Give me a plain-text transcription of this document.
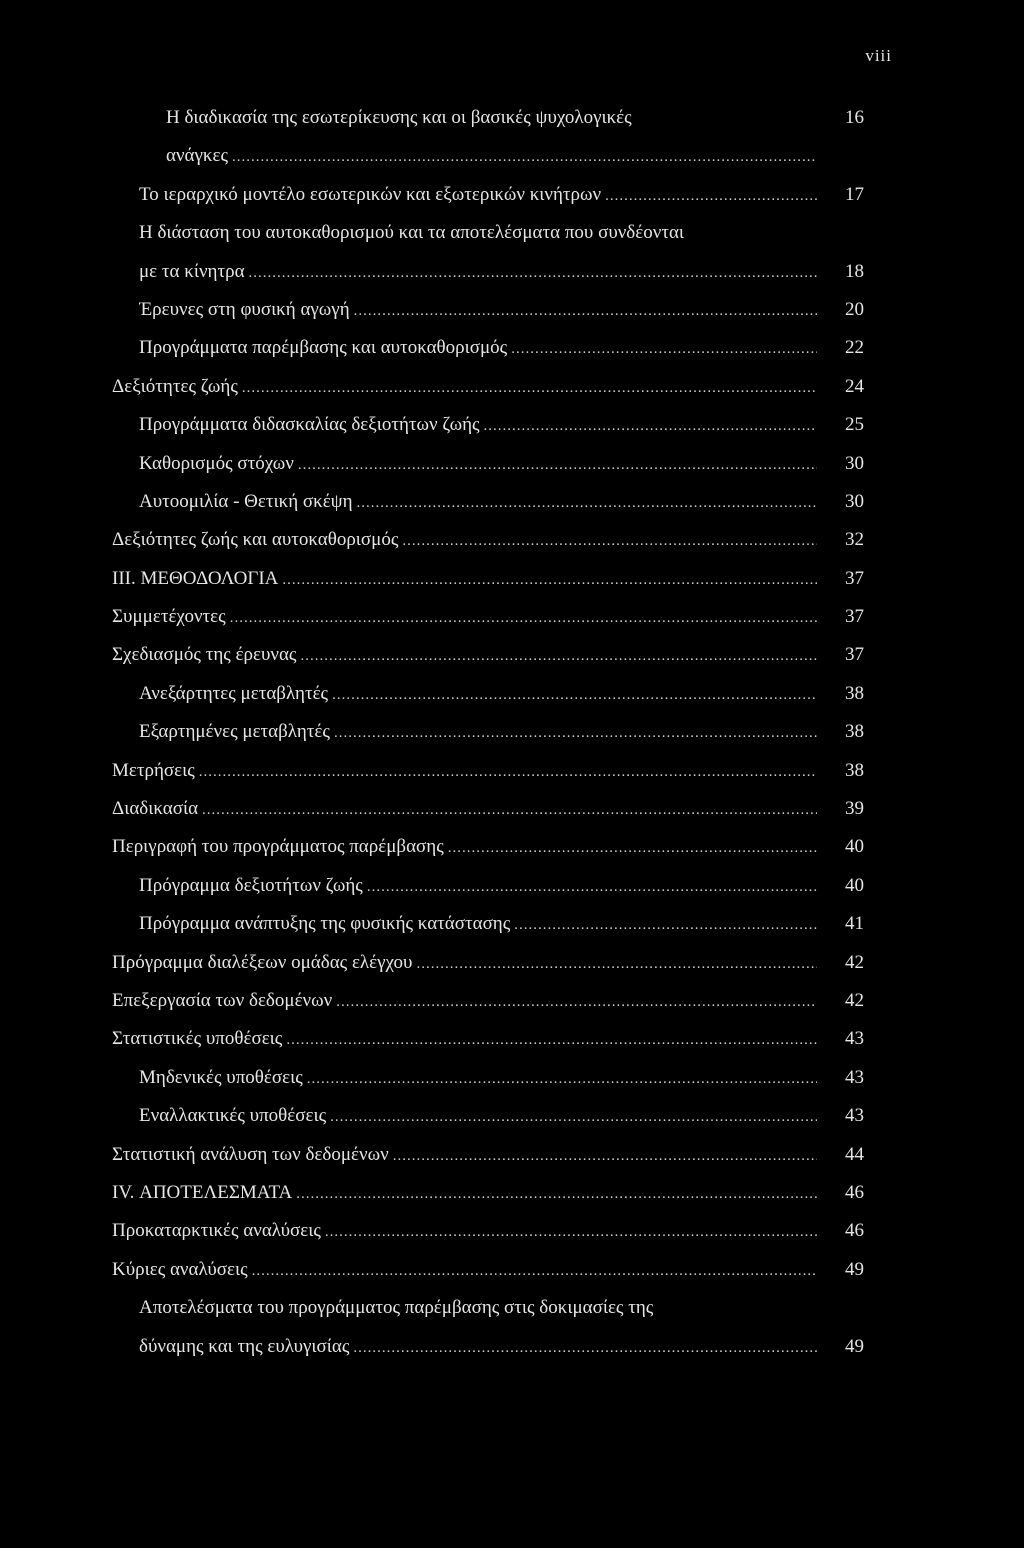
viii
Η διαδικασία της εσωτερίκευσης και οι βασικές ψυχολογικές	16
ανάγκες
.....
Το ιεραρχικό μοντέλο εσωτερικών και εξωτερικών κινήτρων .....	17
Η διάσταση του αυτοκαθορισμού και τα αποτελέσματα που συνδέονται
με τα κίνητρα .....	18
Έρευνες στη φυσική αγωγή .....	20
Προγράμματα παρέμβασης και αυτοκαθορισμός .....	22
Δεξιότητες ζωής .....	24
Προγράμματα διδασκαλίας δεξιοτήτων ζωής .....	25
Καθορισμός στόχων .....	30
Αυτοομιλία - Θετική σκέψη .....	30
Δεξιότητες ζωής και αυτοκαθορισμός .....	32
III. ΜΕΘΟΔΟΛΟΓΙΑ .....	37
Συμμετέχοντες .....	37
Σχεδιασμός της έρευνας .....	37
Ανεξάρτητες μεταβλητές .....	38
Εξαρτημένες μεταβλητές .....	38
Μετρήσεις .....	38
Διαδικασία .....	39
Περιγραφή του προγράμματος παρέμβασης .....	40
Πρόγραμμα δεξιοτήτων ζωής .....	40
Πρόγραμμα ανάπτυξης της φυσικής κατάστασης .....	41
Πρόγραμμα διαλέξεων ομάδας ελέγχου .....	42
Επεξεργασία των δεδομένων .....	42
Στατιστικές υποθέσεις .....	43
Μηδενικές υποθέσεις .....	43
Εναλλακτικές υποθέσεις .....	43
Στατιστική ανάλυση των δεδομένων .....	44
IV. ΑΠΟΤΕΛΕΣΜΑΤΑ .....	46
Προκαταρκτικές αναλύσεις .....	46
Κύριες αναλύσεις .....	49
Αποτελέσματα του προγράμματος παρέμβασης στις δοκιμασίες της
δύναμης και της ευλυγισίας .....	49
